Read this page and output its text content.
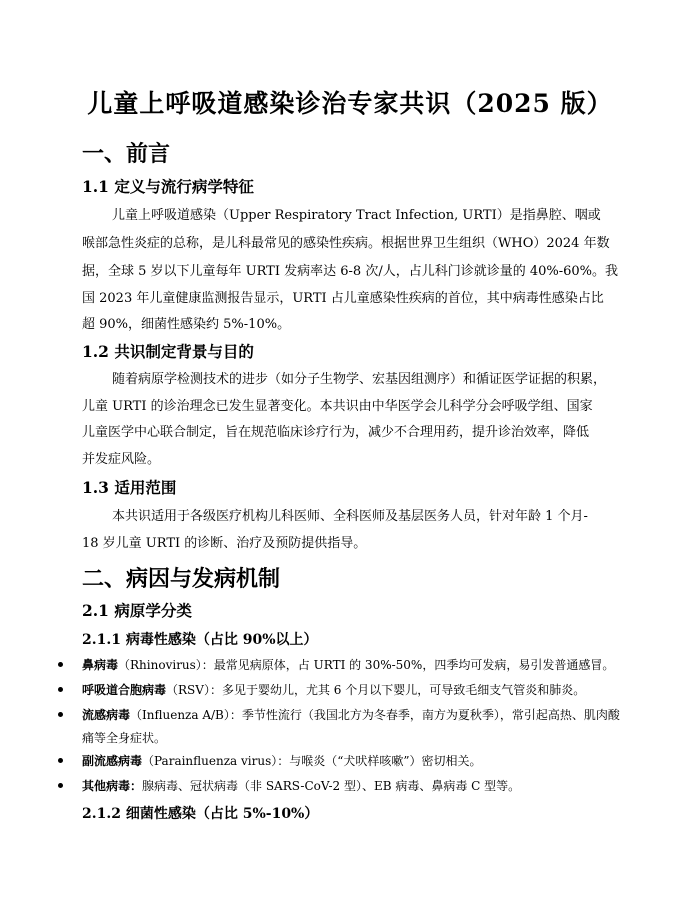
儿童上呼吸道感染诊治专家共识（2025 版）
一、前言
1.1 定义与流行病学特征
儿童上呼吸道感染（Upper Respiratory Tract Infection, URTI）是指鼻腔、咽或
喉部急性炎症的总称，是儿科最常见的感染性疾病。根据世界卫生组织（WHO）2024 年数
据，全球 5 岁以下儿童每年 URTI 发病率达 6-8 次/人，占儿科门诊就诊量的 40%-60%。我
国 2023 年儿童健康监测报告显示，URTI 占儿童感染性疾病的首位，其中病毒性感染占比
超 90%，细菌性感染约 5%-10%。
1.2 共识制定背景与目的
随着病原学检测技术的进步（如分子生物学、宏基因组测序）和循证医学证据的积累，
儿童 URTI 的诊治理念已发生显著变化。本共识由中华医学会儿科学分会呼吸学组、国家
儿童医学中心联合制定，旨在规范临床诊疗行为，减少不合理用药，提升诊治效率，降低
并发症风险。
1.3 适用范围
本共识适用于各级医疗机构儿科医师、全科医师及基层医务人员，针对年龄 1 个月-
18 岁儿童 URTI 的诊断、治疗及预防提供指导。
二、病因与发病机制
2.1 病原学分类
2.1.1 病毒性感染（占比 90%以上）
鼻病毒（Rhinovirus）：最常见病原体，占 URTI 的 30%-50%，四季均可发病，易引发普通感冒。
呼吸道合胞病毒（RSV）：多见于婴幼儿，尤其 6 个月以下婴儿，可导致毛细支气管炎和肺炎。
流感病毒（Influenza A/B）：季节性流行（我国北方为冬春季，南方为夏秋季），常引起高热、肌肉酸
痛等全身症状。
副流感病毒（Parainfluenza virus）：与喉炎（“犬吠样咳嗽”）密切相关。
其他病毒：腺病毒、冠状病毒（非 SARS-CoV-2 型）、EB 病毒、鼻病毒 C 型等。
2.1.2 细菌性感染（占比 5%-10%）
